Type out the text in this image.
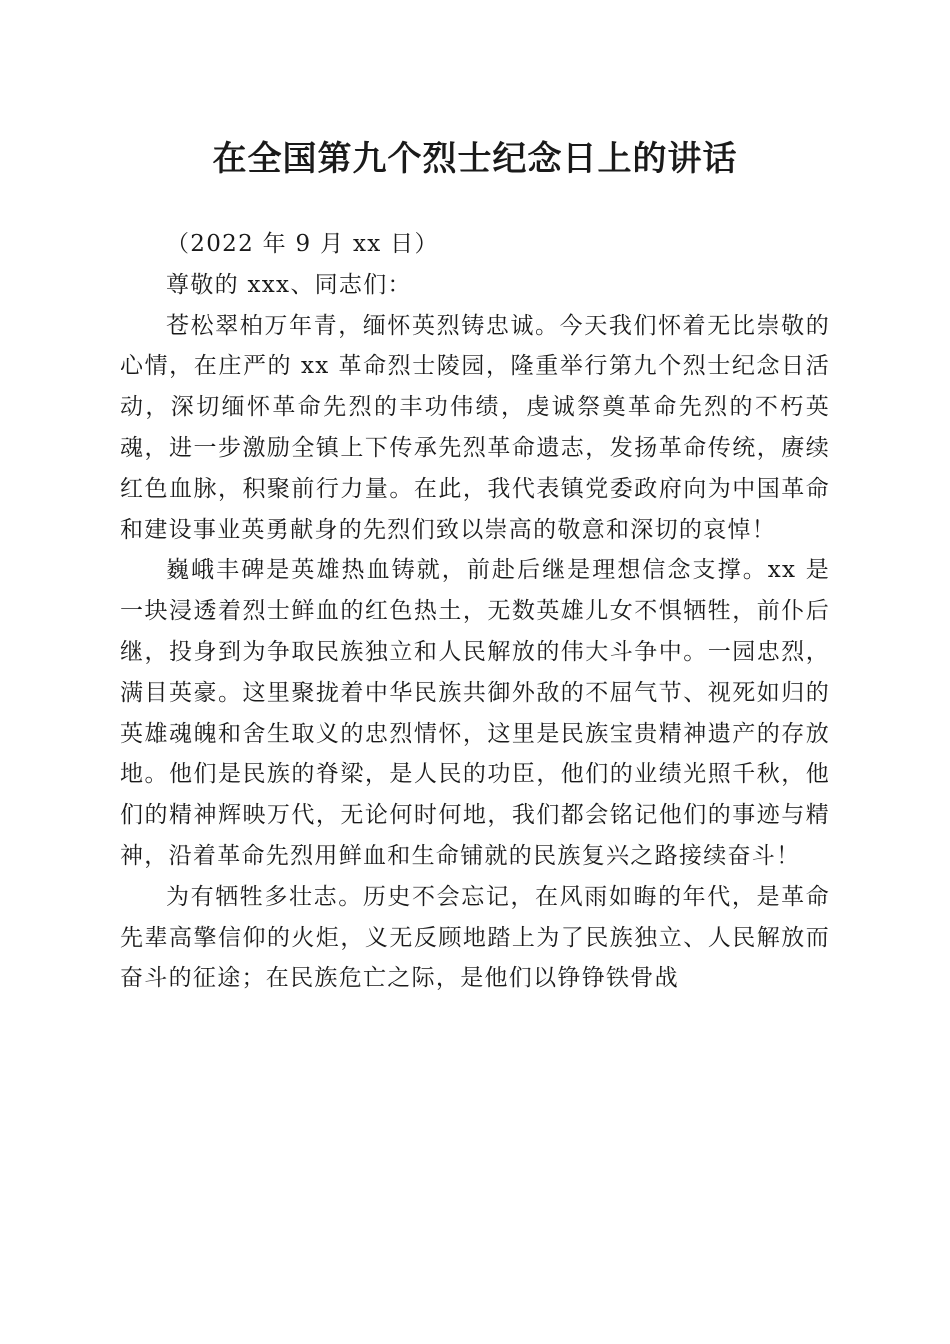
在全国第九个烈士纪念日上的讲话

（2022 年 9 月 xx 日）

尊敬的 xxx、同志们：

苍松翠柏万年青，缅怀英烈铸忠诚。今天我们怀着无比崇敬的心情，在庄严的 xx 革命烈士陵园，隆重举行第九个烈士纪念日活动，深切缅怀革命先烈的丰功伟绩，虔诚祭奠革命先烈的不朽英魂，进一步激励全镇上下传承先烈革命遗志，发扬革命传统，赓续红色血脉，积聚前行力量。在此，我代表镇党委政府向为中国革命和建设事业英勇献身的先烈们致以崇高的敬意和深切的哀悼！

巍峨丰碑是英雄热血铸就，前赴后继是理想信念支撑。xx 是一块浸透着烈士鲜血的红色热土，无数英雄儿女不惧牺牲，前仆后继，投身到为争取民族独立和人民解放的伟大斗争中。一园忠烈，满目英豪。这里聚拢着中华民族共御外敌的不屈气节、视死如归的英雄魂魄和舍生取义的忠烈情怀，这里是民族宝贵精神遗产的存放地。他们是民族的脊梁，是人民的功臣，他们的业绩光照千秋，他们的精神辉映万代，无论何时何地，我们都会铭记他们的事迹与精神，沿着革命先烈用鲜血和生命铺就的民族复兴之路接续奋斗！

为有牺牲多壮志。历史不会忘记，在风雨如晦的年代，是革命先辈高擎信仰的火炬，义无反顾地踏上为了民族独立、人民解放而奋斗的征途；在民族危亡之际，是他们以铮铮铁骨战
